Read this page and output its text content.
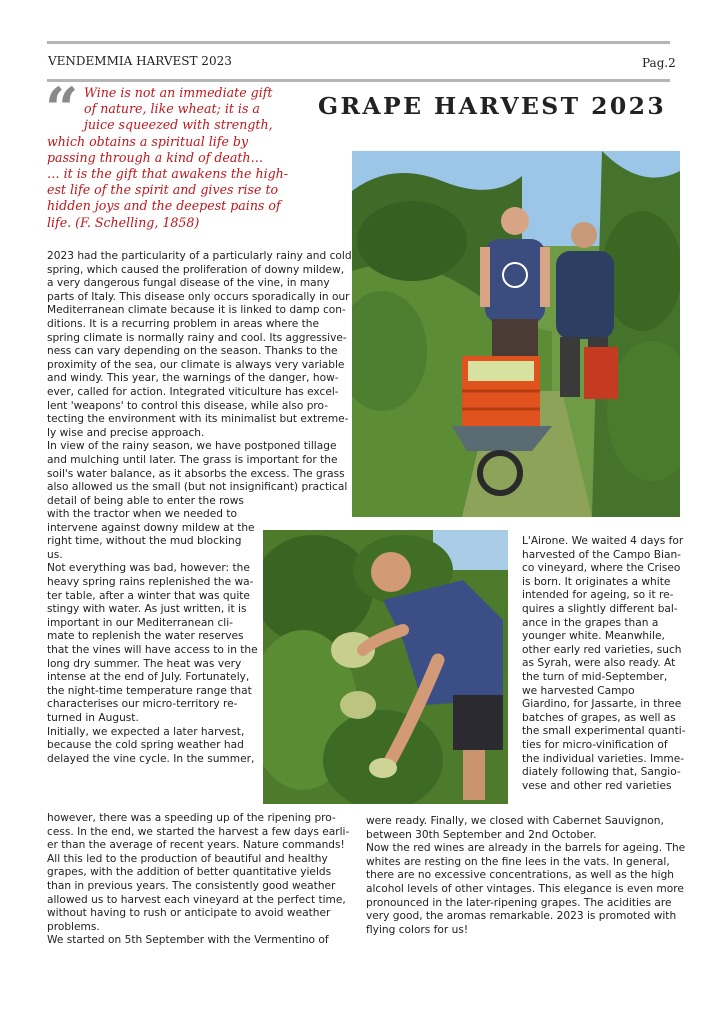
VENDEMMIA HARVEST 2023	Pag.2
“ Wine is not an immediate gift
of nature, like wheat; it is a
juice squeezed with strength,
which obtains a spiritual life by
passing through a kind of death…
… it is the gift that awakens the high-
est life of the spirit and gives rise to
hidden joys and the deepest pains of
life. (F. Schelling, 1858)
GRAPE HARVEST 2023
2023 had the particularity of a particularly rainy and cold
spring, which caused the proliferation of downy mildew,
a very dangerous fungal disease of the vine, in many
parts of Italy. This disease only occurs sporadically in our
Mediterranean climate because it is linked to damp con-
ditions. It is a recurring problem in areas where the
spring climate is normally rainy and cool. Its aggressive-
ness can vary depending on the season. Thanks to the
proximity of the sea, our climate is always very variable
and windy. This year, the warnings of the danger, how-
ever, called for action. Integrated viticulture has excel-
lent 'weapons' to control this disease, while also pro-
tecting the environment with its minimalist but extreme-
ly wise and precise approach.
In view of the rainy season, we have postponed tillage
and mulching until later. The grass is important for the
soil's water balance, as it absorbs the excess. The grass
also allowed us the small (but not insignificant) practical
detail of being able to enter the rows
with the tractor when we needed to
intervene against downy mildew at the
right time, without the mud blocking
us.
Not everything was bad, however: the
heavy spring rains replenished the wa-
ter table, after a winter that was quite
stingy with water. As just written, it is
important in our Mediterranean cli-
mate to replenish the water reserves
that the vines will have access to in the
long dry summer. The heat was very
intense at the end of July. Fortunately,
the night-time temperature range that
characterises our micro-territory re-
turned in August.
Initially, we expected a later harvest,
because the cold spring weather had
delayed the vine cycle. In the summer,
L'Airone. We waited 4 days for
harvested of the Campo Bian-
co vineyard, where the Criseo
is born. It originates a white
intended for ageing, so it re-
quires a slightly different bal-
ance in the grapes than a
younger white. Meanwhile,
other early red varieties, such
as Syrah, were also ready. At
the turn of mid-September,
we harvested Campo
Giardino, for Jassarte, in three
batches of grapes, as well as
the small experimental quanti-
ties for micro-vinification of
the individual varieties. Imme-
diately following that, Sangio-
vese and other red varieties
however, there was a speeding up of the ripening pro-
cess. In the end, we started the harvest a few days earli-
er than the average of recent years. Nature commands!
All this led to the production of beautiful and healthy
grapes, with the addition of better quantitative yields
than in previous years. The consistently good weather
allowed us to harvest each vineyard at the perfect time,
without having to rush or anticipate to avoid weather
problems.
We started on 5th September with the Vermentino of
were ready. Finally, we closed with Cabernet Sauvignon,
between 30th September and 2nd October.
Now the red wines are already in the barrels for ageing. The
whites are resting on the fine lees in the vats. In general,
there are no excessive concentrations, as well as the high
alcohol levels of other vintages. This elegance is even more
pronounced in the later-ripening grapes. The acidities are
very good, the aromas remarkable. 2023 is promoted with
flying colors for us!
